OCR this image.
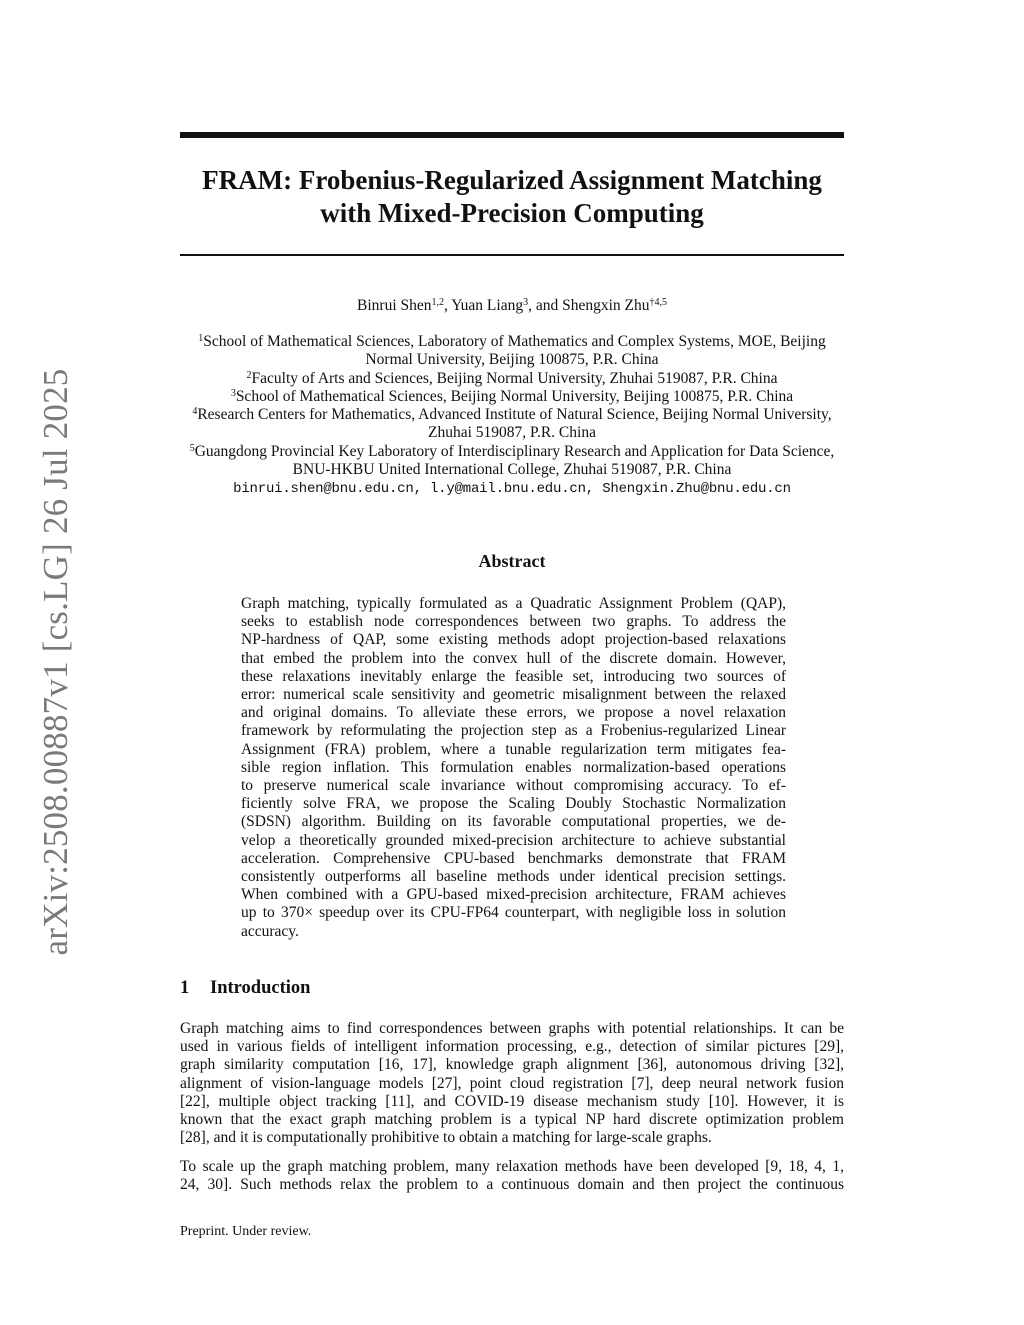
arXiv:2508.00887v1 [cs.LG] 26 Jul 2025
FRAM: Frobenius-Regularized Assignment Matching
with Mixed-Precision Computing
Binrui Shen$^{1,2}$, Yuan Liang$^3$, and Shengxin Zhu$^{\dagger 4,5}$
$^1$School of Mathematical Sciences, Laboratory of Mathematics and Complex Systems, MOE, Beijing Normal University, Beijing 100875, P.R. China
$^2$Faculty of Arts and Sciences, Beijing Normal University, Zhuhai 519087, P.R. China
$^3$School of Mathematical Sciences, Beijing Normal University, Beijing 100875, P.R. China
$^4$Research Centers for Mathematics, Advanced Institute of Natural Science, Beijing Normal University, Zhuhai 519087, P.R. China
$^5$Guangdong Provincial Key Laboratory of Interdisciplinary Research and Application for Data Science, BNU-HKBU United International College, Zhuhai 519087, P.R. China
binrui.shen@bnu.edu.cn, l.y@mail.bnu.edu.cn, Shengxin.Zhu@bnu.edu.cn
Abstract
Graph matching, typically formulated as a Quadratic Assignment Problem (QAP),
seeks to establish node correspondences between two graphs. To address the
NP-hardness of QAP, some existing methods adopt projection-based relaxations
that embed the problem into the convex hull of the discrete domain. However,
these relaxations inevitably enlarge the feasible set, introducing two sources of
error: numerical scale sensitivity and geometric misalignment between the relaxed
and original domains. To alleviate these errors, we propose a novel relaxation
framework by reformulating the projection step as a Frobenius-regularized Linear
Assignment (FRA) problem, where a tunable regularization term mitigates fea-
sible region inflation. This formulation enables normalization-based operations
to preserve numerical scale invariance without compromising accuracy. To ef-
ficiently solve FRA, we propose the Scaling Doubly Stochastic Normalization
(SDSN) algorithm. Building on its favorable computational properties, we de-
velop a theoretically grounded mixed-precision architecture to achieve substantial
acceleration. Comprehensive CPU-based benchmarks demonstrate that FRAM
consistently outperforms all baseline methods under identical precision settings.
When combined with a GPU-based mixed-precision architecture, FRAM achieves
up to 370× speedup over its CPU-FP64 counterpart, with negligible loss in solution
accuracy.
1 Introduction
Graph matching aims to find correspondences between graphs with potential relationships. It can be
used in various fields of intelligent information processing, e.g., detection of similar pictures [29],
graph similarity computation [16, 17], knowledge graph alignment [36], autonomous driving [32],
alignment of vision-language models [27], point cloud registration [7], deep neural network fusion
[22], multiple object tracking [11], and COVID-19 disease mechanism study [10]. However, it is
known that the exact graph matching problem is a typical NP hard discrete optimization problem
[28], and it is computationally prohibitive to obtain a matching for large-scale graphs.
To scale up the graph matching problem, many relaxation methods have been developed [9, 18, 4, 1,
24, 30]. Such methods relax the problem to a continuous domain and then project the continuous
Preprint. Under review.
